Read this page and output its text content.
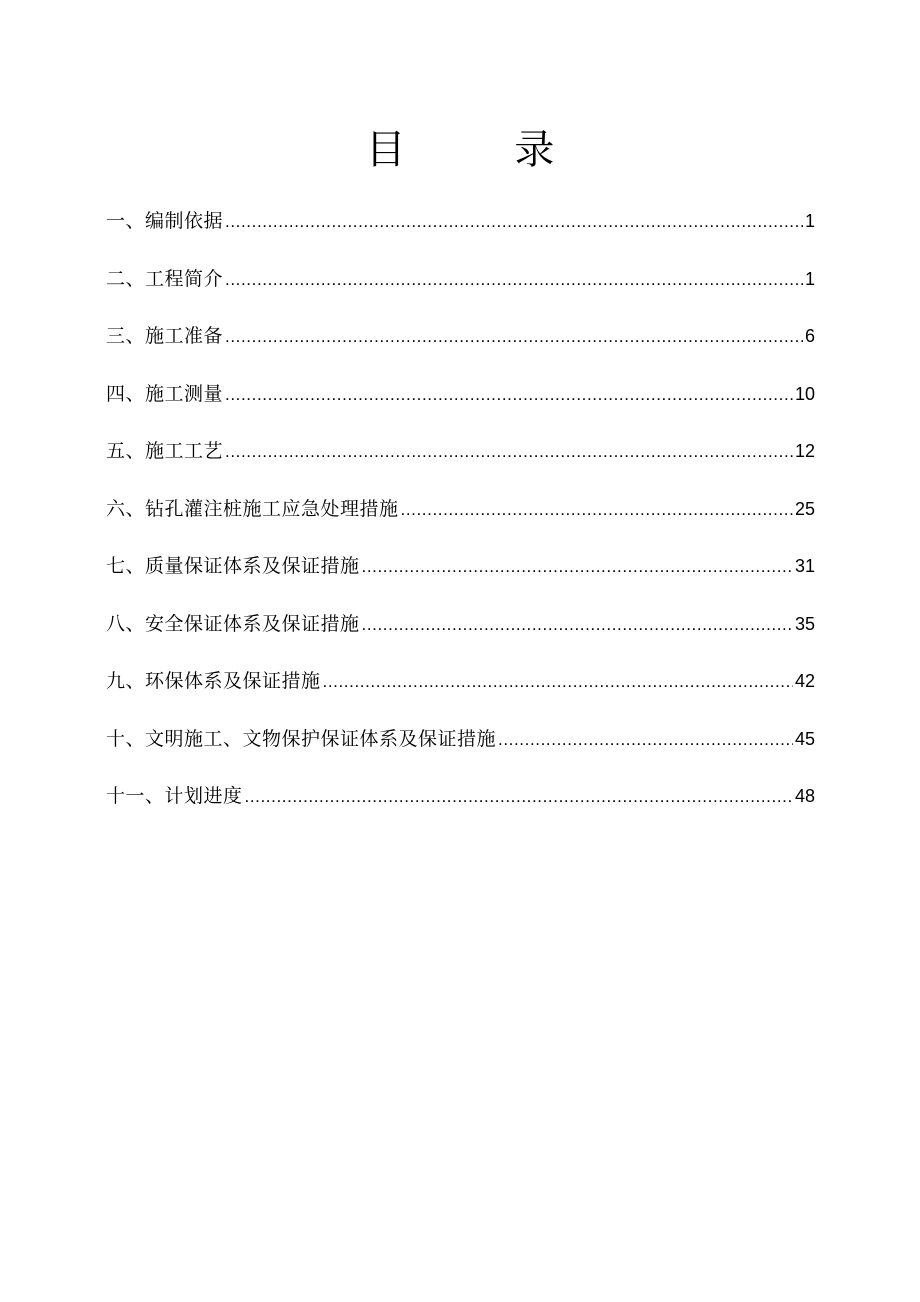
目 录
一、编制依据 .....	1
二、工程简介 .....	1
三、施工准备 .....	6
四、施工测量 .....	10
五、施工工艺 .....	12
六、钻孔灌注桩施工应急处理措施 .....	25
七、质量保证体系及保证措施 .....	31
八、安全保证体系及保证措施 .....	35
九、环保体系及保证措施 .....	42
十、文明施工、文物保护保证体系及保证措施 .....	45
十一、计划进度 .....	48
